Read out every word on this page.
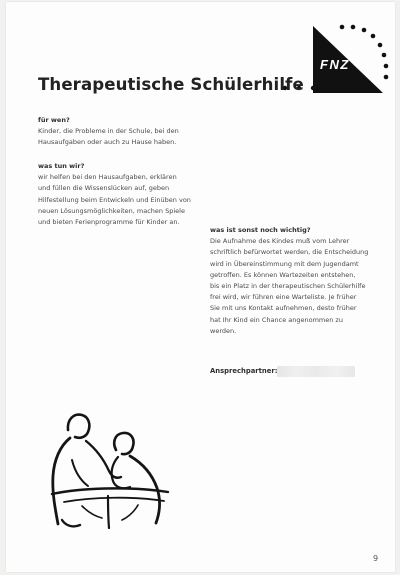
FNZ
Therapeutische Schülerhilfe
für wen?
Kinder, die Probleme in der Schule, bei den
Hausaufgaben oder auch zu Hause haben.
was tun wir?
wir helfen bei den Hausaufgaben, erklären
und füllen die Wissenslücken auf, geben
Hilfestellung beim Entwickeln und Einüben von
neuen Lösungsmöglichkeiten, machen Spiele
und bieten Ferienprogramme für Kinder an.
was ist sonst noch wichtig?
Die Aufnahme des Kindes muß vom Lehrer
schriftlich befürwortet werden, die Entscheidung
wird in Übereinstimmung mit dem Jugendamt
getroffen. Es können Wartezeiten entstehen,
bis ein Platz in der therapeutischen Schülerhilfe
frei wird, wir führen eine Warteliste. Je früher
Sie mit uns Kontakt aufnehmen, desto früher
hat Ihr Kind ein Chance angenommen zu
werden.
Ansprechpartner:
9
